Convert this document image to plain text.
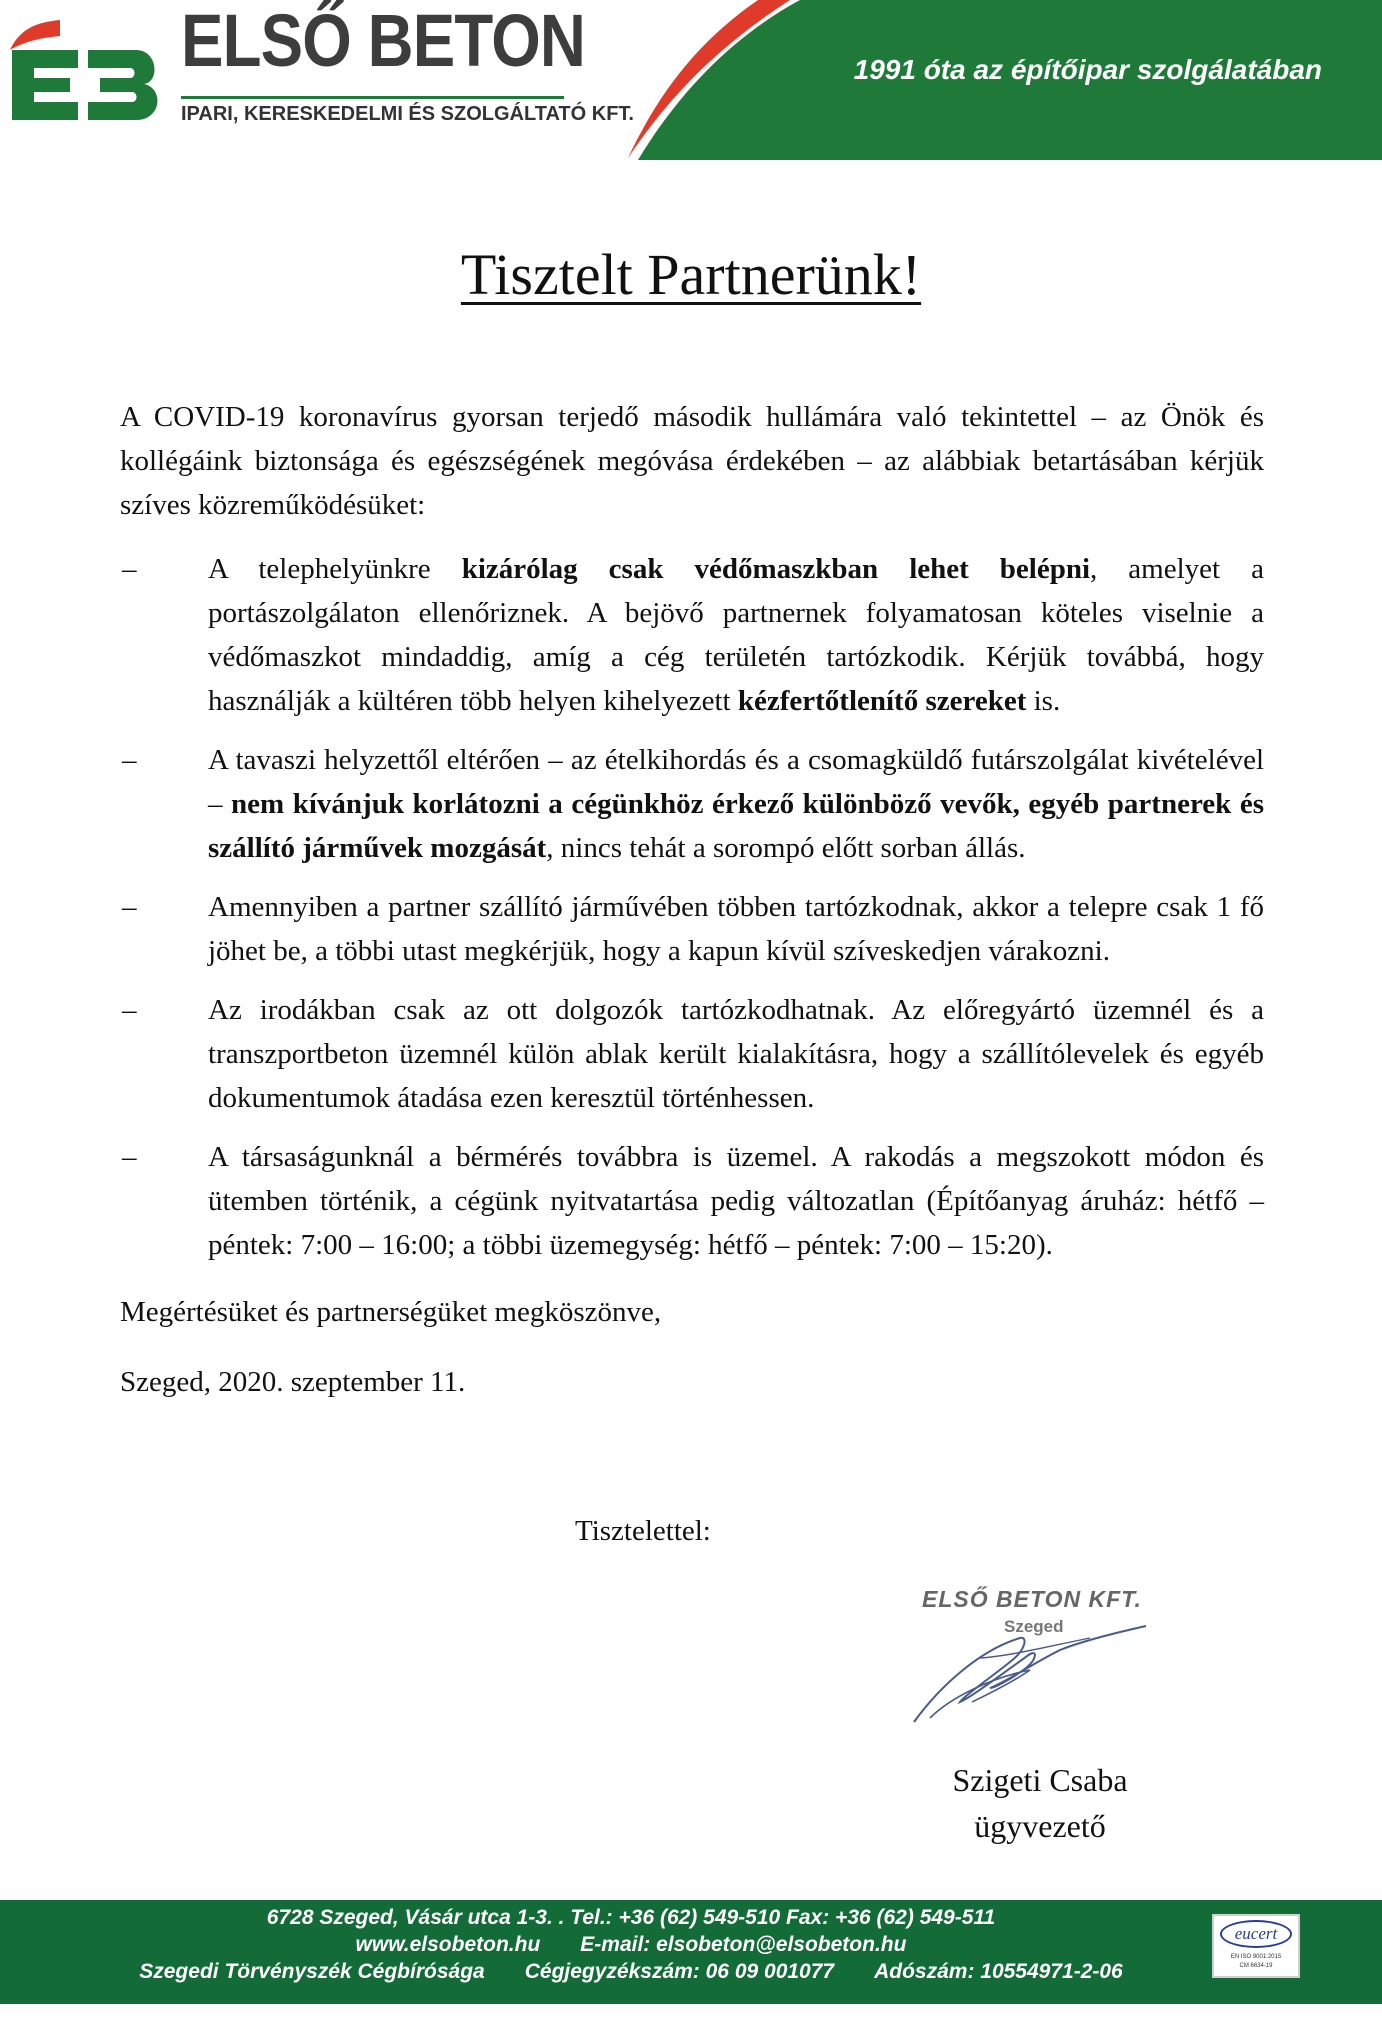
ELSŐ BETON
IPARI, KERESKEDELMI ÉS SZOLGÁLTATÓ KFT.
1991 óta az építőipar szolgálatában
Tisztelt Partnerünk!

A COVID-19 koronavírus gyorsan terjedő második hullámára való tekintettel – az Önök és kollégáink biztonsága és egészségének megóvása érdekében – az alábbiak betartásában kérjük szíves közreműködésüket:

– A telephelyünkre kizárólag csak védőmaszkban lehet belépni, amelyet a portászolgálaton ellenőriznek. A bejövő partnernek folyamatosan köteles viselnie a védőmaszkot mindaddig, amíg a cég területén tartózkodik. Kérjük továbbá, hogy használják a kültéren több helyen kihelyezett kézfertőtlenítő szereket is.

– A tavaszi helyzettől eltérően – az ételkihordás és a csomagküldő futárszolgálat kivételével – nem kívánjuk korlátozni a cégünkhöz érkező különböző vevők, egyéb partnerek és szállító járművek mozgását, nincs tehát a sorompó előtt sorban állás.

– Amennyiben a partner szállító járművében többen tartózkodnak, akkor a telepre csak 1 fő jöhet be, a többi utast megkérjük, hogy a kapun kívül szíveskedjen várakozni.

– Az irodákban csak az ott dolgozók tartózkodhatnak. Az előregyártó üzemnél és a transzportbeton üzemnél külön ablak került kialakításra, hogy a szállítólevelek és egyéb dokumentumok átadása ezen keresztül történhessen.

– A társaságunknál a bérmérés továbbra is üzemel. A rakodás a megszokott módon és ütemben történik, a cégünk nyitvatartása pedig változatlan (Építőanyag áruház: hétfő – péntek: 7:00 – 16:00; a többi üzemegység: hétfő – péntek: 7:00 – 15:20).

Megértésüket és partnerségüket megköszönve,

Szeged, 2020. szeptember 11.

Tisztelettel:

ELSŐ BETON KFT.
Szeged

Szigeti Csaba

ügyvezető

6728 Szeged, Vásár utca 1-3. . Tel.: +36 (62) 549-510 Fax: +36 (62) 549-511
www.elsobeton.hu E-mail: elsobeton@elsobeton.hu
Szegedi Törvényszék Cégbírósága Cégjegyzékszám: 06 09 001077 Adószám: 10554971-2-06
eucert
EN ISO 9001:2015
CM 6634-19
